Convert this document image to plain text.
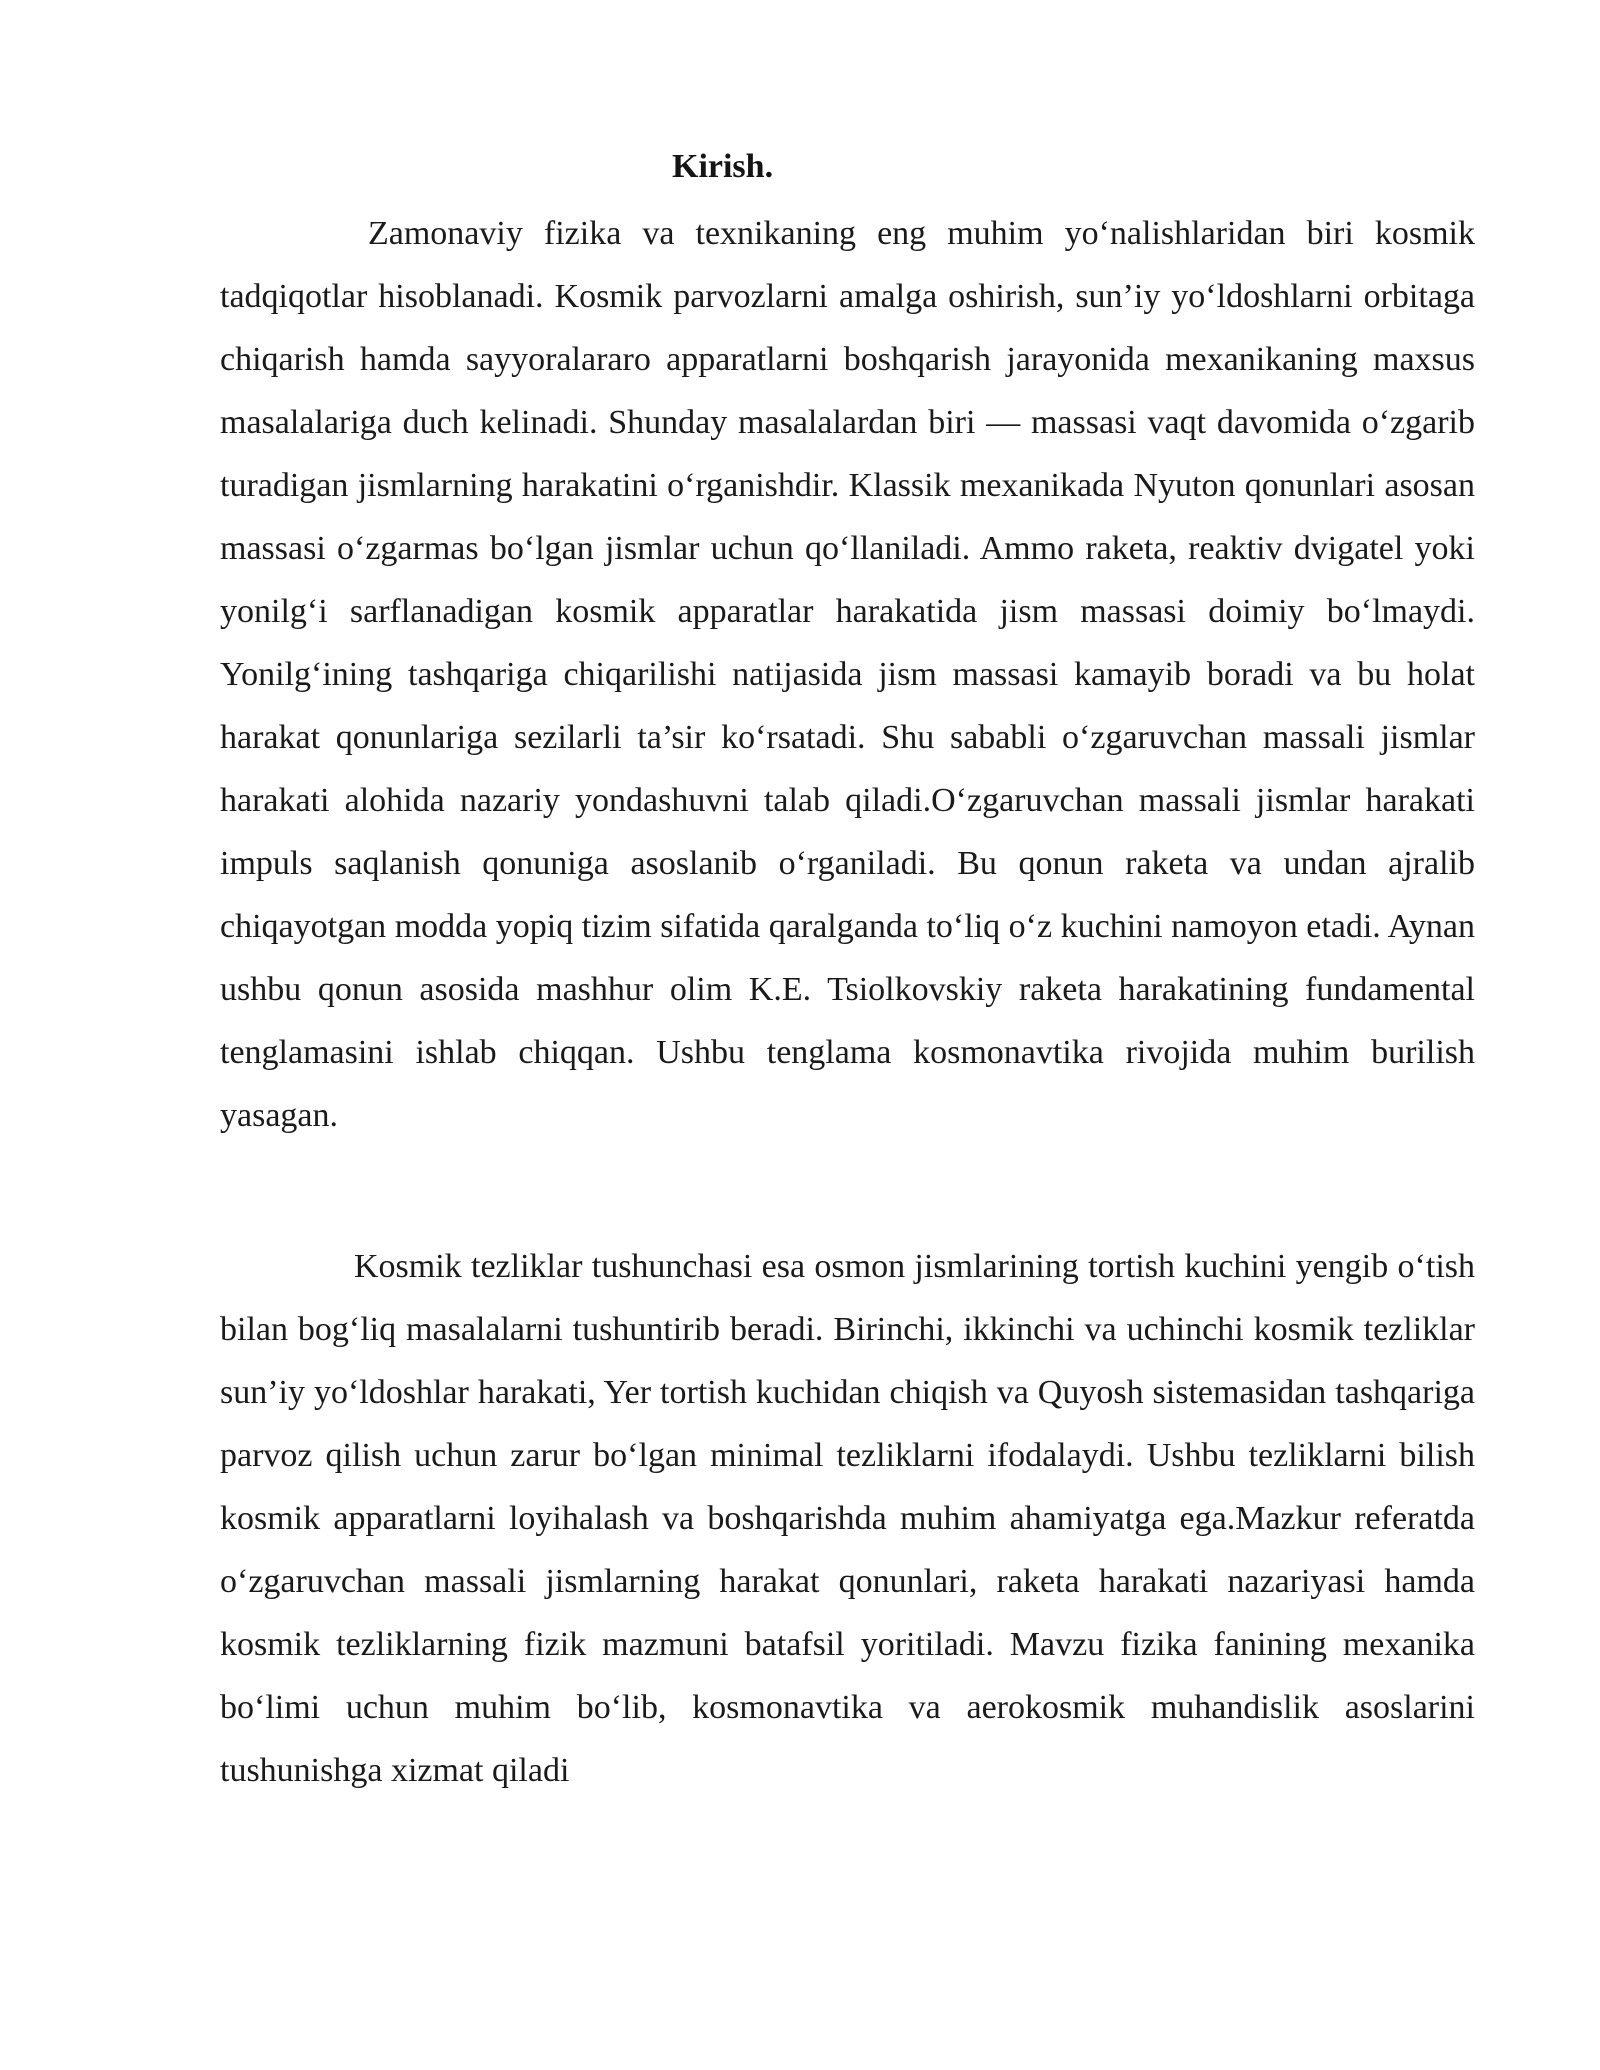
Kirish.

Zamonaviy fizika va texnikaning eng muhim yo‘nalishlaridan biri kosmik tadqiqotlar hisoblanadi. Kosmik parvozlarni amalga oshirish, sun’iy yo‘ldoshlarni orbitaga chiqarish hamda sayyoralararo apparatlarni boshqarish jarayonida mexanikaning maxsus masalalariga duch kelinadi. Shunday masalalardan biri — massasi vaqt davomida o‘zgarib turadigan jismlarning harakatini o‘rganishdir. Klassik mexanikada Nyuton qonunlari asosan massasi o‘zgarmas bo‘lgan jismlar uchun qo‘llaniladi. Ammo raketa, reaktiv dvigatel yoki yonilg‘i sarflanadigan kosmik apparatlar harakatida jism massasi doimiy bo‘lmaydi. Yonilg‘ining tashqariga chiqarilishi natijasida jism massasi kamayib boradi va bu holat harakat qonunlariga sezilarli ta’sir ko‘rsatadi. Shu sababli o‘zgaruvchan massali jismlar harakati alohida nazariy yondashuvni talab qiladi.O‘zgaruvchan massali jismlar harakati impuls saqlanish qonuniga asoslanib o‘rganiladi. Bu qonun raketa va undan ajralib chiqayotgan modda yopiq tizim sifatida qaralganda to‘liq o‘z kuchini namoyon etadi. Aynan ushbu qonun asosida mashhur olim K.E. Tsiolkovskiy raketa harakatining fundamental tenglamasini ishlab chiqqan. Ushbu tenglama kosmonavtika rivojida muhim burilish yasagan.

Kosmik tezliklar tushunchasi esa osmon jismlarining tortish kuchini yengib o‘tish bilan bog‘liq masalalarni tushuntirib beradi. Birinchi, ikkinchi va uchinchi kosmik tezliklar sun’iy yo‘ldoshlar harakati, Yer tortish kuchidan chiqish va Quyosh sistemasidan tashqariga parvoz qilish uchun zarur bo‘lgan minimal tezliklarni ifodalaydi. Ushbu tezliklarni bilish kosmik apparatlarni loyihalash va boshqarishda muhim ahamiyatga ega.Mazkur referatda o‘zgaruvchan massali jismlarning harakat qonunlari, raketa harakati nazariyasi hamda kosmik tezliklarning fizik mazmuni batafsil yoritiladi. Mavzu fizika fanining mexanika bo‘limi uchun muhim bo‘lib, kosmonavtika va aerokosmik muhandislik asoslarini tushunishga xizmat qiladi
